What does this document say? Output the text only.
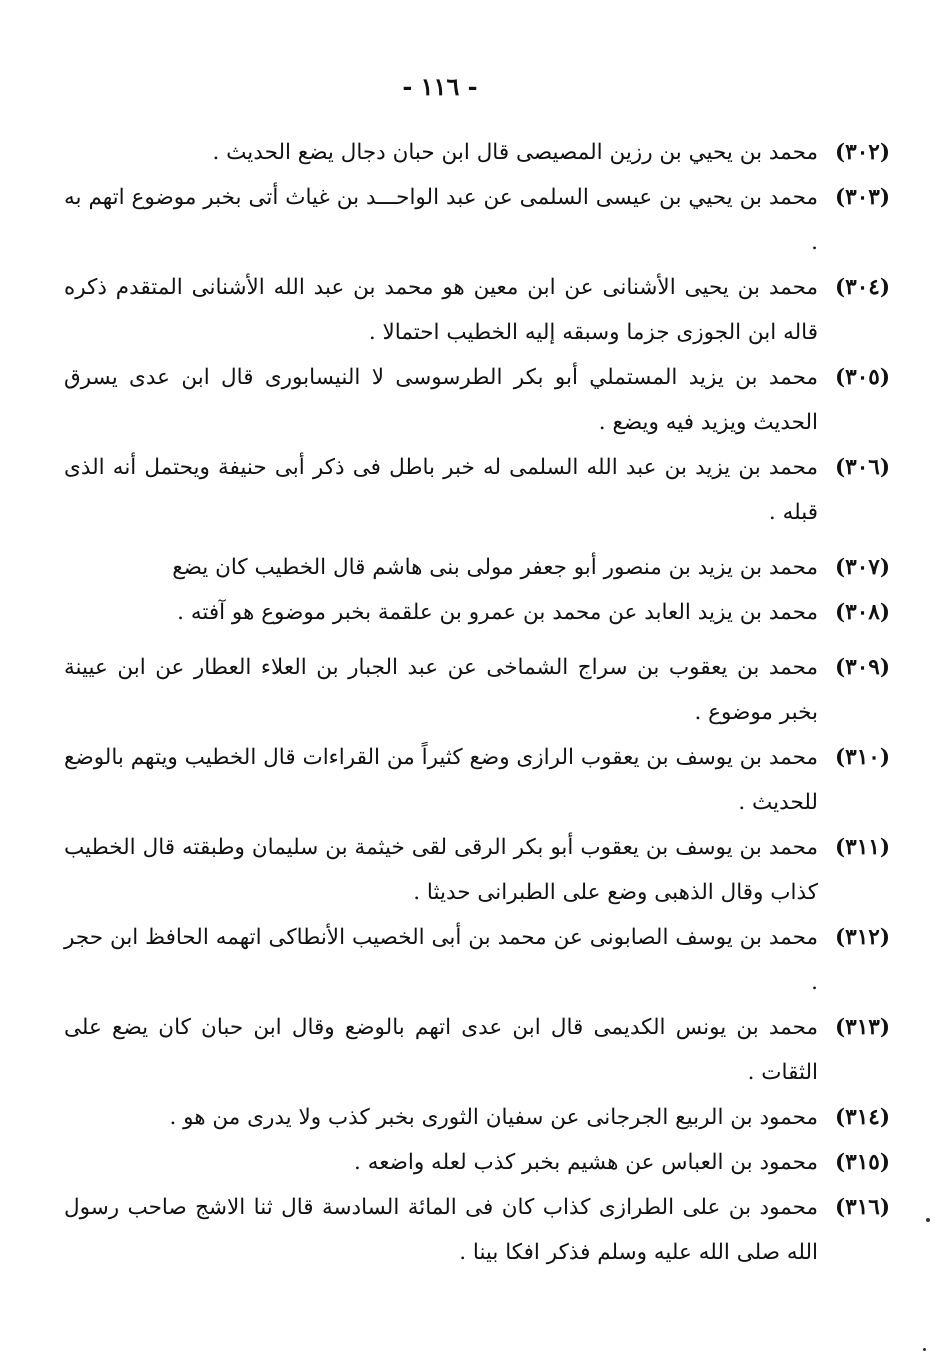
- ١١٦ -
(٣٠٢)
محمد بن يحيي بن رزين المصيصى قال ابن حبان دجال يضع الحديث .
(٣٠٣)
محمد بن يحيي بن عيسى السلمى عن عبد الواحـــد بن غياث أتى بخبر موضوع اتهم به .
(٣٠٤)
محمد بن يحيى الأشنانى عن ابن معين هو محمد بن عبد الله الأشنانى المتقدم ذكره قاله ابن الجوزى جزما وسبقه إليه الخطيب احتمالا .
(٣٠٥)
محمد بن يزيد المستملي أبو بكر الطرسوسى لا النيسابورى قال ابن عدى يسرق الحديث ويزيد فيه ويضع .
(٣٠٦)
محمد بن يزيد بن عبد الله السلمى له خبر باطل فى ذكر أبى حنيفة ويحتمل أنه الذى قبله .
(٣٠٧)
محمد بن يزيد بن منصور أبو جعفر مولى بنى هاشم قال الخطيب كان يضع
(٣٠٨)
محمد بن يزيد العابد عن محمد بن عمرو بن علقمة بخبر موضوع هو آفته .
(٣٠٩)
محمد بن يعقوب بن سراج الشماخى عن عبد الجبار بن العلاء العطار عن ابن عيينة بخبر موضوع .
(٣١٠)
محمد بن يوسف بن يعقوب الرازى وضع كثيراً من القراءات قال الخطيب ويتهم بالوضع للحديث .
(٣١١)
محمد بن يوسف بن يعقوب أبو بكر الرقى لقى خيثمة بن سليمان وطبقته قال الخطيب كذاب وقال الذهبى وضع على الطبرانى حديثا .
(٣١٢)
محمد بن يوسف الصابونى عن محمد بن أبى الخصيب الأنطاكى اتهمه الحافظ ابن حجر .
(٣١٣)
محمد بن يونس الكديمى قال ابن عدى اتهم بالوضع وقال ابن حبان كان يضع على الثقات .
(٣١٤)
محمود بن الربيع الجرجانى عن سفيان الثورى بخبر كذب ولا يدرى من هو .
(٣١٥)
محمود بن العباس عن هشيم بخبر كذب لعله واضعه .
(٣١٦)
محمود بن على الطرازى كذاب كان فى المائة السادسة قال ثنا الاشج صاحب رسول الله صلى الله عليه وسلم فذكر افكا بينا .
